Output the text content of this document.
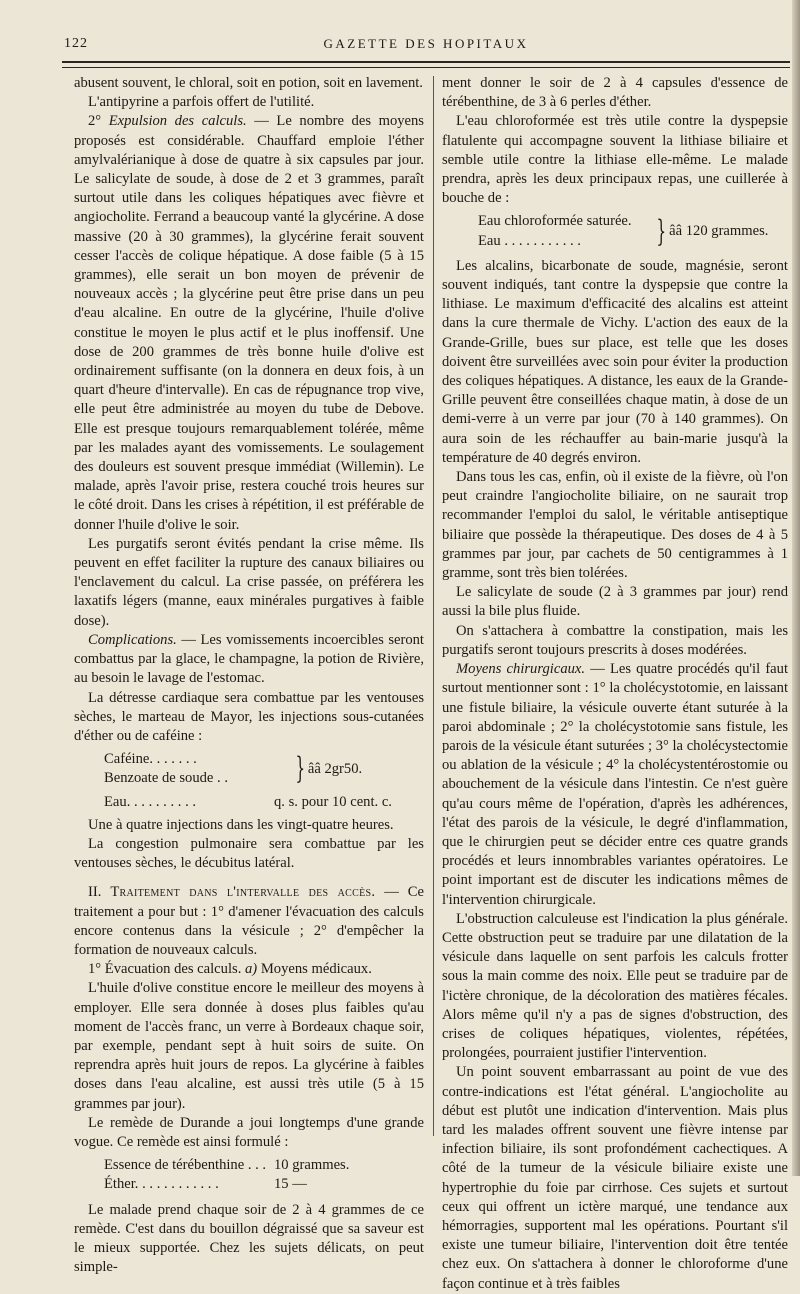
122	GAZETTE DES HOPITAUX

abusent souvent, le chloral, soit en potion, soit en lavement.

L'antipyrine a parfois offert de l'utilité.

2° Expulsion des calculs. — Le nombre des moyens proposés est considérable. Chauffard emploie l'éther amylvalérianique à dose de quatre à six capsules par jour. Le salicylate de soude, à dose de 2 et 3 grammes, paraît surtout utile dans les coliques hépatiques avec fièvre et angiocholite. Ferrand a beaucoup vanté la glycérine. A dose massive (20 à 30 grammes), la glycérine ferait souvent cesser l'accès de colique hépatique. A dose faible (5 à 15 grammes), elle serait un bon moyen de prévenir de nouveaux accès ; la glycérine peut être prise dans un peu d'eau alcaline. En outre de la glycérine, l'huile d'olive constitue le moyen le plus actif et le plus inoffensif. Une dose de 200 grammes de très bonne huile d'olive est ordinairement suffisante (on la donnera en deux fois, à un quart d'heure d'intervalle). En cas de répugnance trop vive, elle peut être administrée au moyen du tube de Debove. Elle est presque toujours remarquablement tolérée, même par les malades ayant des vomissements. Le soulagement des douleurs est souvent presque immédiat (Willemin). Le malade, après l'avoir prise, restera couché trois heures sur le côté droit. Dans les crises à répétition, il est préférable de donner l'huile d'olive le soir.

Les purgatifs seront évités pendant la crise même. Ils peuvent en effet faciliter la rupture des canaux biliaires ou l'enclavement du calcul. La crise passée, on préférera les laxatifs légers (manne, eaux minérales purgatives à faible dose).

Complications. — Les vomissements incoercibles seront combattus par la glace, le champagne, la potion de Rivière, au besoin le lavage de l'estomac.

La détresse cardiaque sera combattue par les ventouses sèches, le marteau de Mayor, les injections sous-cutanées d'éther ou de caféine :

Caféine. . . . . . .
Benzoate de soude . .	} ââ 2gr50.
Eau. . . . . . . . . .	q. s. pour 10 cent. c.

Une à quatre injections dans les vingt-quatre heures.

La congestion pulmonaire sera combattue par les ventouses sèches, le décubitus latéral.

II. Traitement dans l'intervalle des accès. — Ce traitement a pour but : 1° d'amener l'évacuation des calculs encore contenus dans la vésicule ; 2° d'empêcher la formation de nouveaux calculs.

1° Évacuation des calculs. a) Moyens médicaux.

L'huile d'olive constitue encore le meilleur des moyens à employer. Elle sera donnée à doses plus faibles qu'au moment de l'accès franc, un verre à Bordeaux chaque soir, par exemple, pendant sept à huit soirs de suite. On reprendra après huit jours de repos. La glycérine à faibles doses dans l'eau alcaline, est aussi très utile (5 à 15 grammes par jour).

Le remède de Durande a joui longtemps d'une grande vogue. Ce remède est ainsi formulé :

Essence de térébenthine . . . 10 grammes.
Éther. . . . . . . . . . . .	15 —

Le malade prend chaque soir de 2 à 4 grammes de ce remède. C'est dans du bouillon dégraissé que sa saveur est le mieux supportée. Chez les sujets délicats, on peut simple-

ment donner le soir de 2 à 4 capsules d'essence de térébenthine, de 3 à 6 perles d'éther.

L'eau chloroformée est très utile contre la dyspepsie flatulente qui accompagne souvent la lithiase biliaire et semble utile contre la lithiase elle-même. Le malade prendra, après les deux principaux repas, une cuillerée à bouche de :

Eau chloroformée saturée.
Eau . . . . . . . . . . .	} ââ 120 grammes.

Les alcalins, bicarbonate de soude, magnésie, seront souvent indiqués, tant contre la dyspepsie que contre la lithiase. Le maximum d'efficacité des alcalins est atteint dans la cure thermale de Vichy. L'action des eaux de la Grande-Grille, bues sur place, est telle que les doses doivent être surveillées avec soin pour éviter la production des coliques hépatiques. A distance, les eaux de la Grande-Grille peuvent être conseillées chaque matin, à dose de un demi-verre à un verre par jour (70 à 140 grammes). On aura soin de les réchauffer au bain-marie jusqu'à la température de 40 degrés environ.

Dans tous les cas, enfin, où il existe de la fièvre, où l'on peut craindre l'angiocholite biliaire, on ne saurait trop recommander l'emploi du salol, le véritable antiseptique biliaire que possède la thérapeutique. Des doses de 4 à 5 grammes par jour, par cachets de 50 centigrammes à 1 gramme, sont très bien tolérées.

Le salicylate de soude (2 à 3 grammes par jour) rend aussi la bile plus fluide.

On s'attachera à combattre la constipation, mais les purgatifs seront toujours prescrits à doses modérées.

Moyens chirurgicaux. — Les quatre procédés qu'il faut surtout mentionner sont : 1° la cholécystotomie, en laissant une fistule biliaire, la vésicule ouverte étant suturée à la paroi abdominale ; 2° la cholécystotomie sans fistule, les parois de la vésicule étant suturées ; 3° la cholécystectomie ou ablation de la vésicule ; 4° la cholécystentérostomie ou abouchement de la vésicule dans l'intestin. Ce n'est guère qu'au cours même de l'opération, d'après les adhérences, l'état des parois de la vésicule, le degré d'inflammation, que le chirurgien peut se décider entre ces quatre grands procédés et leurs innombrables variantes opératoires. Le point important est de discuter les indications mêmes de l'intervention chirurgicale.

L'obstruction calculeuse est l'indication la plus générale. Cette obstruction peut se traduire par une dilatation de la vésicule dans laquelle on sent parfois les calculs frotter sous la main comme des noix. Elle peut se traduire par de l'ictère chronique, de la décoloration des matières fécales. Alors même qu'il n'y a pas de signes d'obstruction, des crises de coliques hépatiques, violentes, répétées, prolongées, pourraient justifier l'intervention.

Un point souvent embarrassant au point de vue des contre-indications est l'état général. L'angiocholite au début est plutôt une indication d'intervention. Mais plus tard les malades offrent souvent une fièvre intense par infection biliaire, ils sont profondément cachectiques. A côté de la tumeur de la vésicule biliaire existe une hypertrophie du foie par cirrhose. Ces sujets et surtout ceux qui offrent un ictère marqué, une tendance aux hémorragies, supportent mal les opérations. Pourtant s'il existe une tumeur biliaire, l'intervention doit être tentée chez eux. On s'attachera à donner le chloroforme d'une façon continue et à très faibles
